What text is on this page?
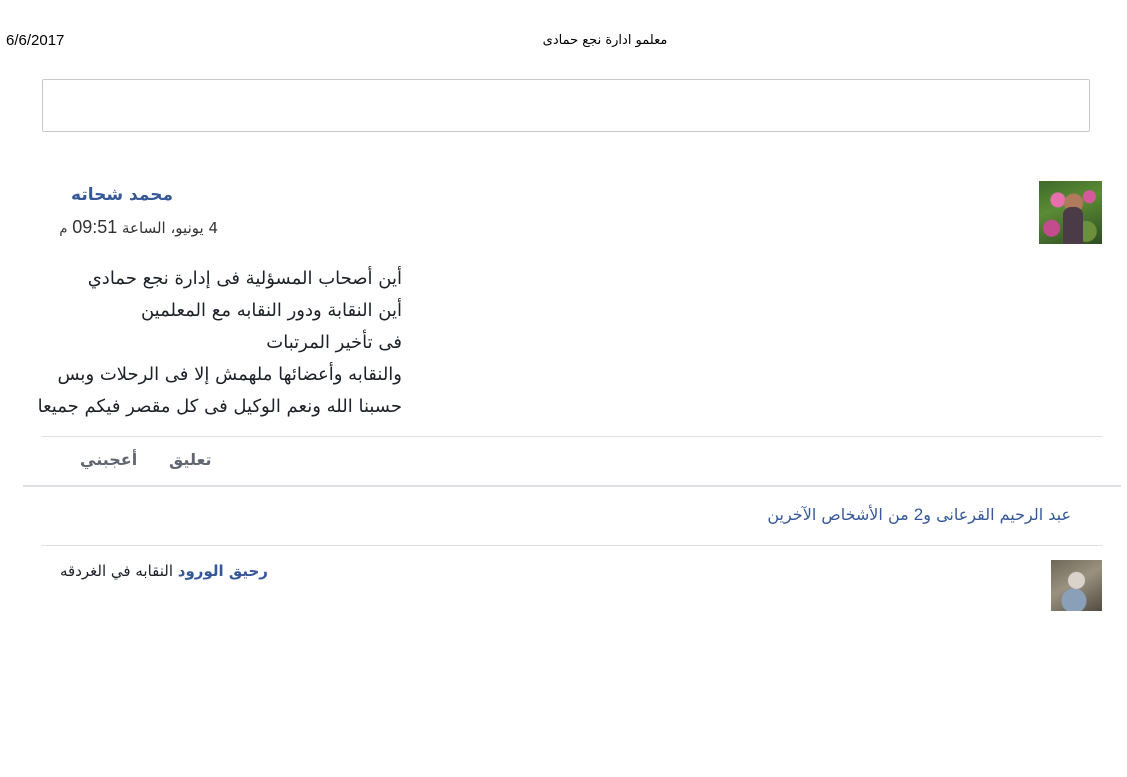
6/6/2017	معلمو ادارة نجع حمادى
محمد شحاته
4 يونيو، الساعة 09:51 م
أين أصحاب المسؤلية فى إدارة نجع حمادي
أين النقابة ودور النقابه مع المعلمين
فى تأخير المرتبات
والنقابه وأعضائها ملهمش إلا فى الرحلات وبس
حسبنا الله ونعم الوكيل فى كل مقصر فيكم جميعا
أعجبني تعليق
عبد الرحيم القرعانى و2 من الأشخاص الآخرين
رحيق الورود النقابه في الغردقه
